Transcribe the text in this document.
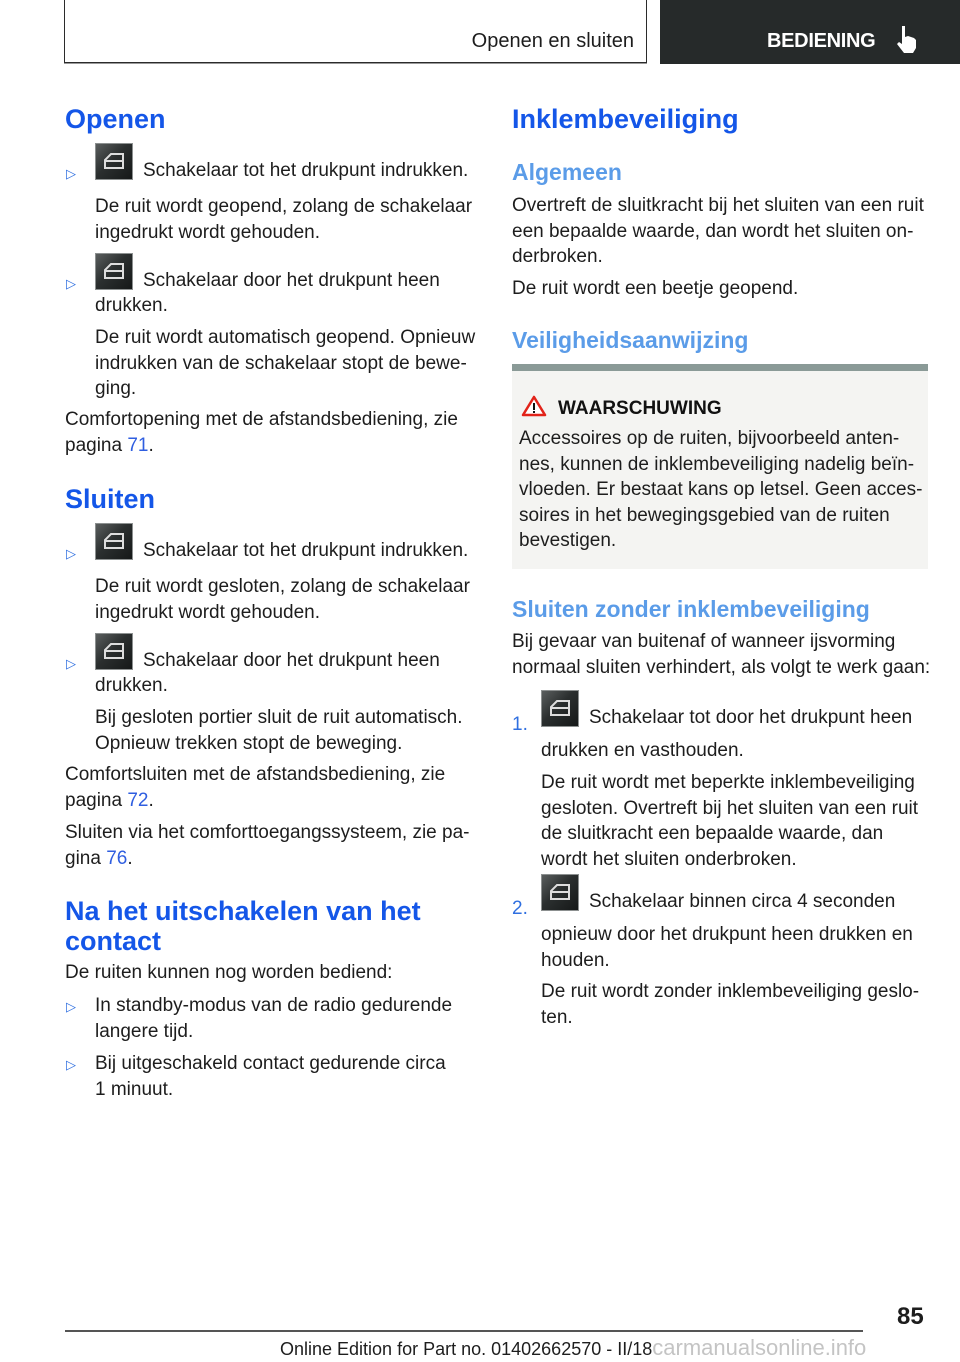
Openen en sluiten	BEDIENING
Openen
▷	Schakelaar tot het drukpunt indrukken.
De ruit wordt geopend, zolang de schakelaar
ingedrukt wordt gehouden.
▷	Schakelaar door het drukpunt heen
drukken.
De ruit wordt automatisch geopend. Opnieuw
indrukken van de schakelaar stopt de bewe-
ging.
Comfortopening met de afstandsbediening, zie
pagina 71.
Sluiten
▷	Schakelaar tot het drukpunt indrukken.
De ruit wordt gesloten, zolang de schakelaar
ingedrukt wordt gehouden.
▷	Schakelaar door het drukpunt heen
drukken.
Bij gesloten portier sluit de ruit automatisch.
Opnieuw trekken stopt de beweging.
Comfortsluiten met de afstandsbediening, zie
pagina 72.
Sluiten via het comforttoegangssysteem, zie pa-
gina 76.
Na het uitschakelen van het
contact
De ruiten kunnen nog worden bediend:
▷ In standby-modus van de radio gedurende
langere tijd.
▷ Bij uitgeschakeld contact gedurende circa
1 minuut.
Inklembeveiliging
Algemeen
Overtreft de sluitkracht bij het sluiten van een ruit
een bepaalde waarde, dan wordt het sluiten on-
derbroken.
De ruit wordt een beetje geopend.
Veiligheidsaanwijzing
WAARSCHUWING
Accessoires op de ruiten, bijvoorbeeld anten-
nes, kunnen de inklembeveiliging nadelig beïn-
vloeden. Er bestaat kans op letsel. Geen acces-
soires in het bewegingsgebied van de ruiten
bevestigen.
Sluiten zonder inklembeveiliging
Bij gevaar van buitenaf of wanneer ijsvorming
normaal sluiten verhindert, als volgt te werk gaan:
1.	Schakelaar tot door het drukpunt heen
drukken en vasthouden.
De ruit wordt met beperkte inklembeveiliging
gesloten. Overtreft bij het sluiten van een ruit
de sluitkracht een bepaalde waarde, dan
wordt het sluiten onderbroken.
2.	Schakelaar binnen circa 4 seconden
opnieuw door het drukpunt heen drukken en
houden.
De ruit wordt zonder inklembeveiliging geslo-
ten.
85
Online Edition for Part no. 01402662570 - II/18carmanualsonline.info
